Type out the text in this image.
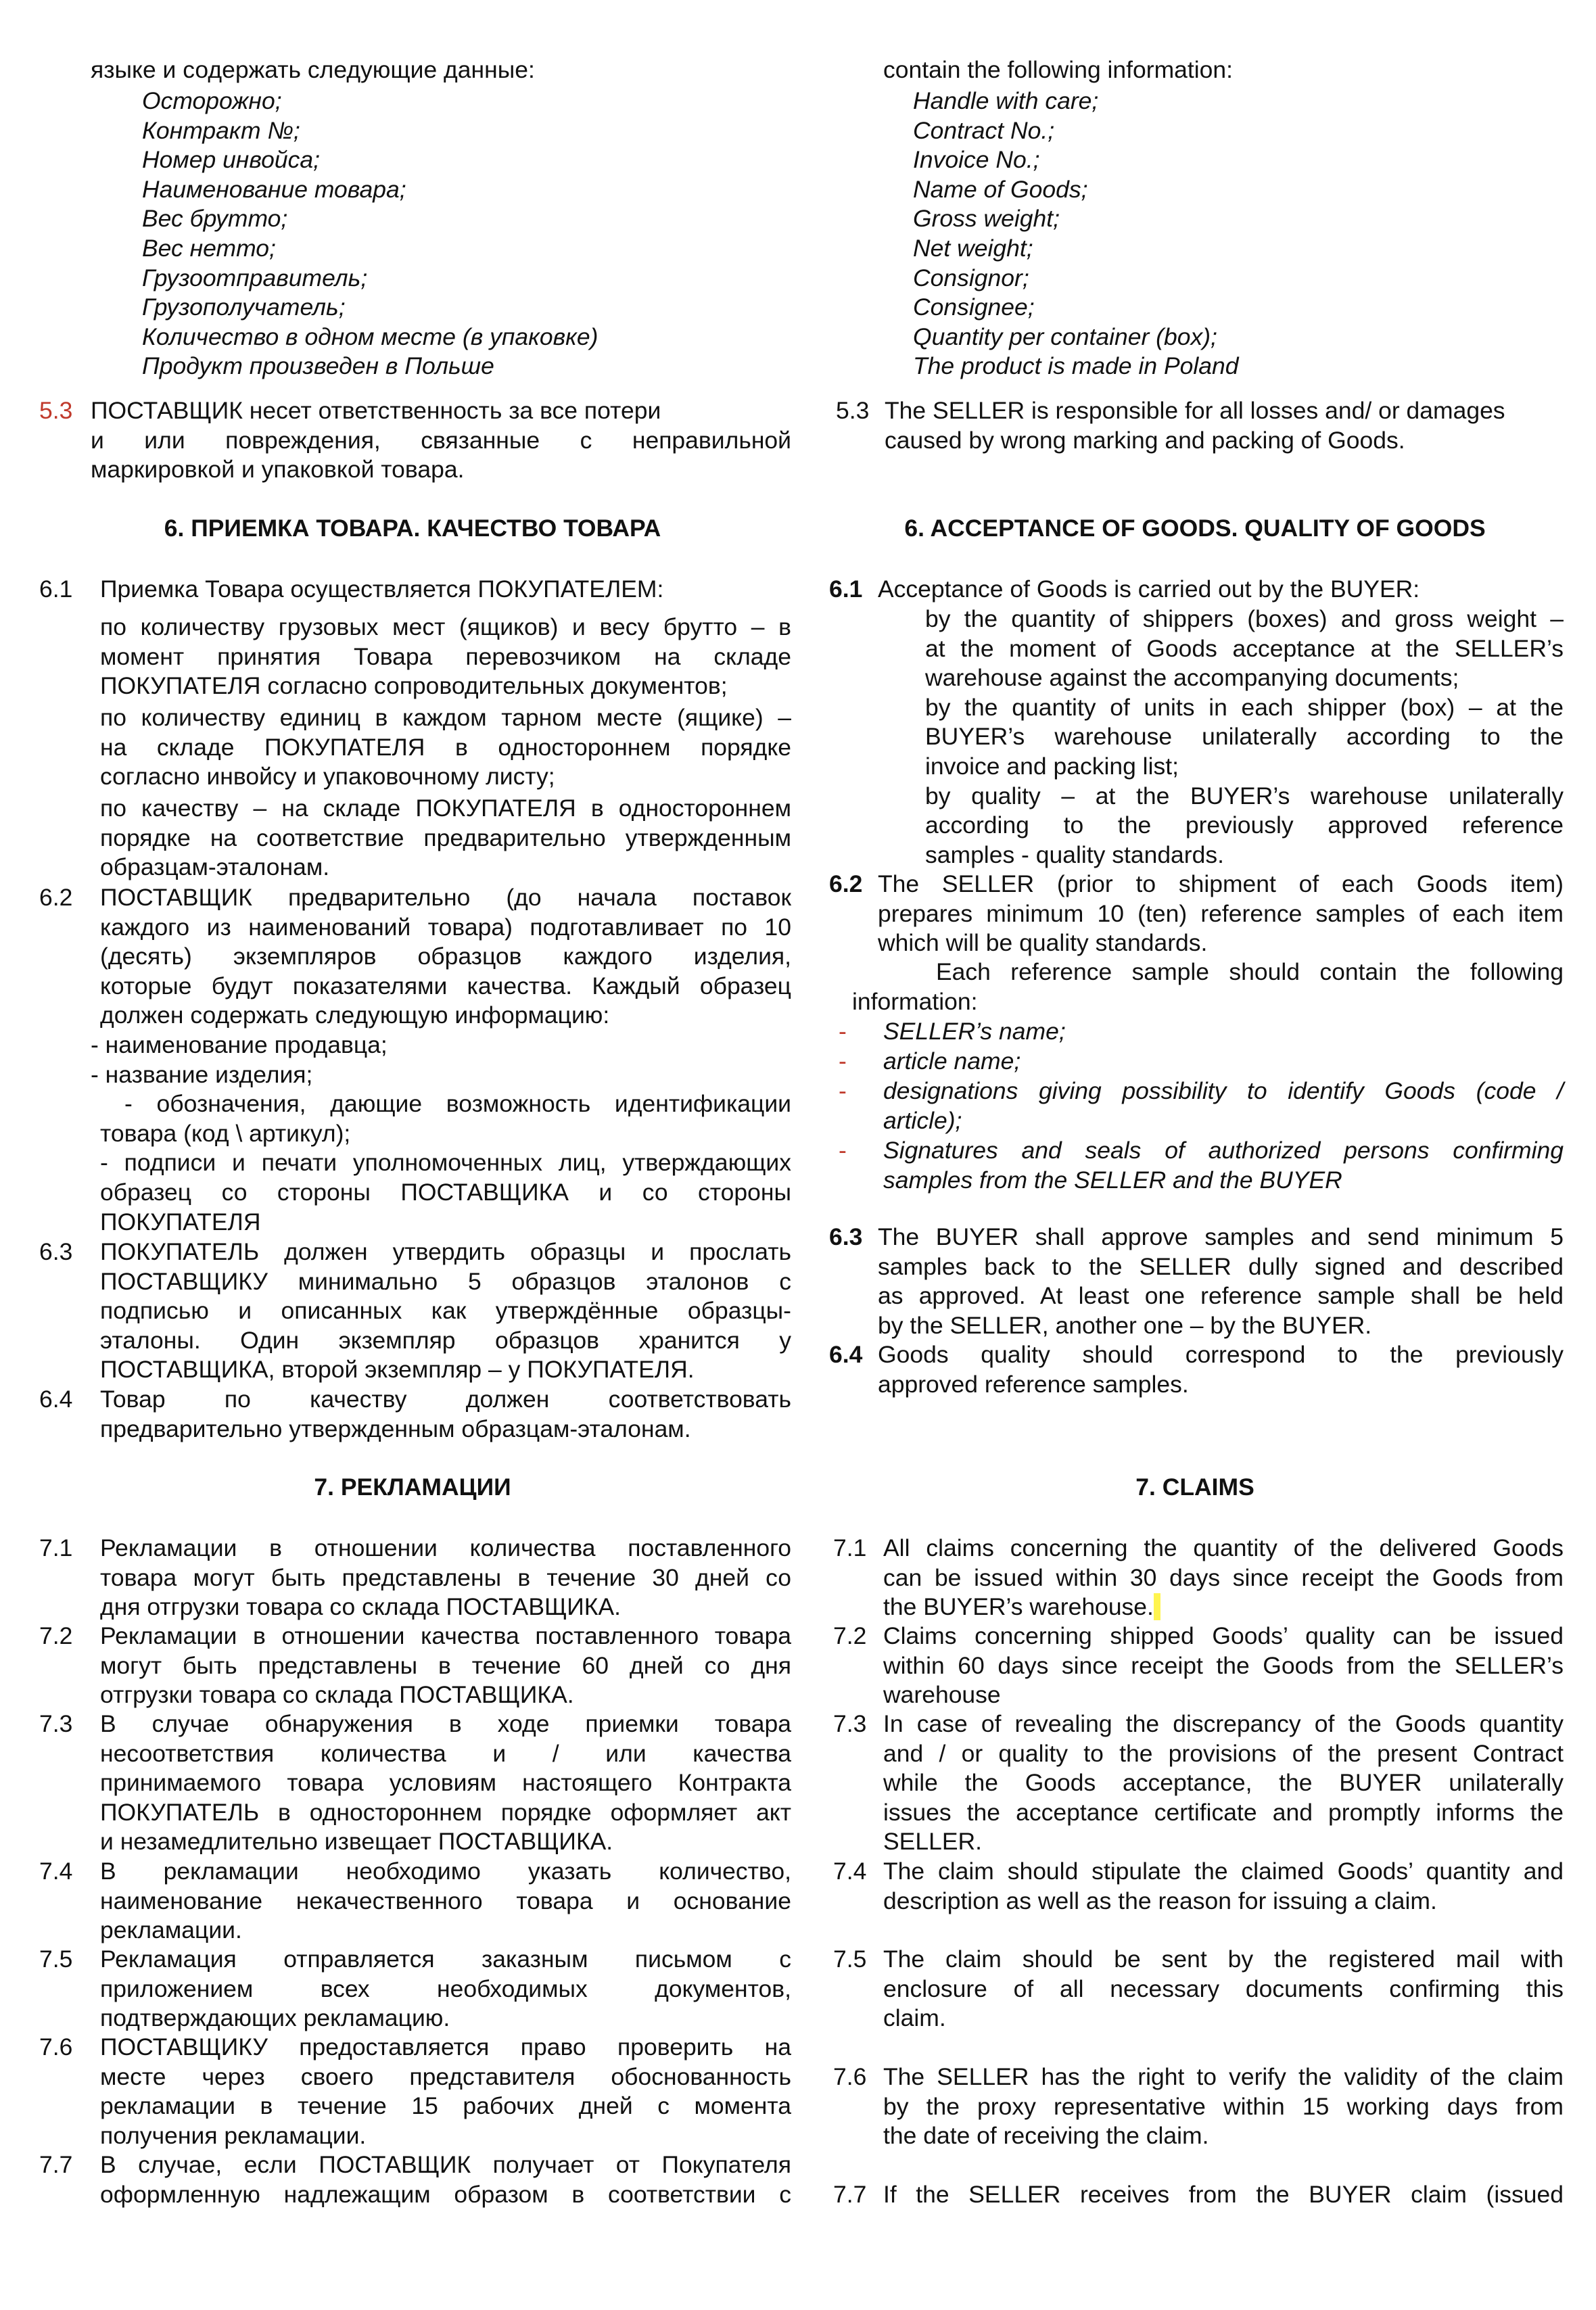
языке и содержать следующие данные:
Осторожно;
Контракт №;
Номер инвойса;
Наименование товара;
Вес брутто;
Вес нетто;
Грузоотправитель;
Грузополучатель;
Количество в одном месте (в упаковке)
Продукт произведен в Польше
5.3 ПОСТАВЩИК несет ответственность за все потери
и или повреждения, связанные с неправильной
маркировкой и упаковкой товара.
6. ПРИЕМКА ТОВАРА. КАЧЕСТВО ТОВАРА
6.1 Приемка Товара осуществляется ПОКУПАТЕЛЕМ:
по количеству грузовых мест (ящиков) и весу брутто – в
момент принятия Товара перевозчиком на складе
ПОКУПАТЕЛЯ согласно сопроводительных документов;
по количеству единиц в каждом тарном месте (ящике) –
на складе ПОКУПАТЕЛЯ в одностороннем порядке
согласно инвойсу и упаковочному листу;
по качеству – на складе ПОКУПАТЕЛЯ в одностороннем
порядке на соответствие предварительно утвержденным
образцам-эталонам.
6.2 ПОСТАВЩИК предварительно (до начала поставок
каждого из наименований товара) подготавливает по 10
(десять) экземпляров образцов каждого изделия,
которые будут показателями качества. Каждый образец
должен содержать следующую информацию:
- наименование продавца;
- название изделия;
- обозначения, дающие возможность идентификации
товара (код \ артикул);
- подписи и печати уполномоченных лиц, утверждающих
образец со стороны ПОСТАВЩИКА и со стороны
ПОКУПАТЕЛЯ
6.3 ПОКУПАТЕЛЬ должен утвердить образцы и прослать
ПОСТАВЩИКУ минимально 5 образцов эталонов с
подписью и описанных как утверждённые образцы-
эталоны. Один экземпляр образцов хранится у
ПОСТАВЩИКА, второй экземпляр – у ПОКУПАТЕЛЯ.
6.4 Товар по качеству должен соответствовать
предварительно утвержденным образцам-эталонам.
7. РЕКЛАМАЦИИ
7.1 Рекламации в отношении количества поставленного
товара могут быть представлены в течение 30 дней со
дня отгрузки товара со склада ПОСТАВЩИКА.
7.2 Рекламации в отношении качества поставленного товара
могут быть представлены в течение 60 дней со дня
отгрузки товара со склада ПОСТАВЩИКА.
7.3 В случае обнаружения в ходе приемки товара
несоответствия количества и / или качества
принимаемого товара условиям настоящего Контракта
ПОКУПАТЕЛЬ в одностороннем порядке оформляет акт
и незамедлительно извещает ПОСТАВЩИКА.
7.4 В рекламации необходимо указать количество,
наименование некачественного товара и основание
рекламации.
7.5 Рекламация отправляется заказным письмом с
приложением всех необходимых документов,
подтверждающих рекламацию.
7.6 ПОСТАВЩИКУ предоставляется право проверить на
месте через своего представителя обоснованность
рекламации в течение 15 рабочих дней с момента
получения рекламации.
7.7 В случае, если ПОСТАВЩИК получает от Покупателя
оформленную надлежащим образом в соответствии с
contain the following information:
Handle with care;
Contract No.;
Invoice No.;
Name of Goods;
Gross weight;
Net weight;
Consignor;
Consignee;
Quantity per container (box);
The product is made in Poland
5.3 The SELLER is responsible for all losses and/ or damages
caused by wrong marking and packing of Goods.
6. ACCEPTANCE OF GOODS. QUALITY OF GOODS
6.1 Acceptance of Goods is carried out by the BUYER:
by the quantity of shippers (boxes) and gross weight –
at the moment of Goods acceptance at the SELLER’s
warehouse against the accompanying documents;
by the quantity of units in each shipper (box) – at the
BUYER’s warehouse unilaterally according to the
invoice and packing list;
by quality – at the BUYER’s warehouse unilaterally
according to the previously approved reference
samples - quality standards.
6.2 The SELLER (prior to shipment of each Goods item)
prepares minimum 10 (ten) reference samples of each item
which will be quality standards.
Each reference sample should contain the following
information:
- SELLER’s name;
- article name;
- designations giving possibility to identify Goods (code /
article);
- Signatures and seals of authorized persons confirming
samples from the SELLER and the BUYER
6.3 The BUYER shall approve samples and send minimum 5
samples back to the SELLER dully signed and described
as approved. At least one reference sample shall be held
by the SELLER, another one – by the BUYER.
6.4 Goods quality should correspond to the previously
approved reference samples.
7. CLAIMS
7.1 All claims concerning the quantity of the delivered Goods
can be issued within 30 days since receipt the Goods from
the BUYER’s warehouse.
7.2 Claims concerning shipped Goods’ quality can be issued
within 60 days since receipt the Goods from the SELLER’s
warehouse
7.3 In case of revealing the discrepancy of the Goods quantity
and / or quality to the provisions of the present Contract
while the Goods acceptance, the BUYER unilaterally
issues the acceptance certificate and promptly informs the
SELLER.
7.4 The claim should stipulate the claimed Goods’ quantity and
description as well as the reason for issuing a claim.
7.5 The claim should be sent by the registered mail with
enclosure of all necessary documents confirming this
claim.
7.6 The SELLER has the right to verify the validity of the claim
by the proxy representative within 15 working days from
the date of receiving the claim.
7.7 If the SELLER receives from the BUYER claim (issued
